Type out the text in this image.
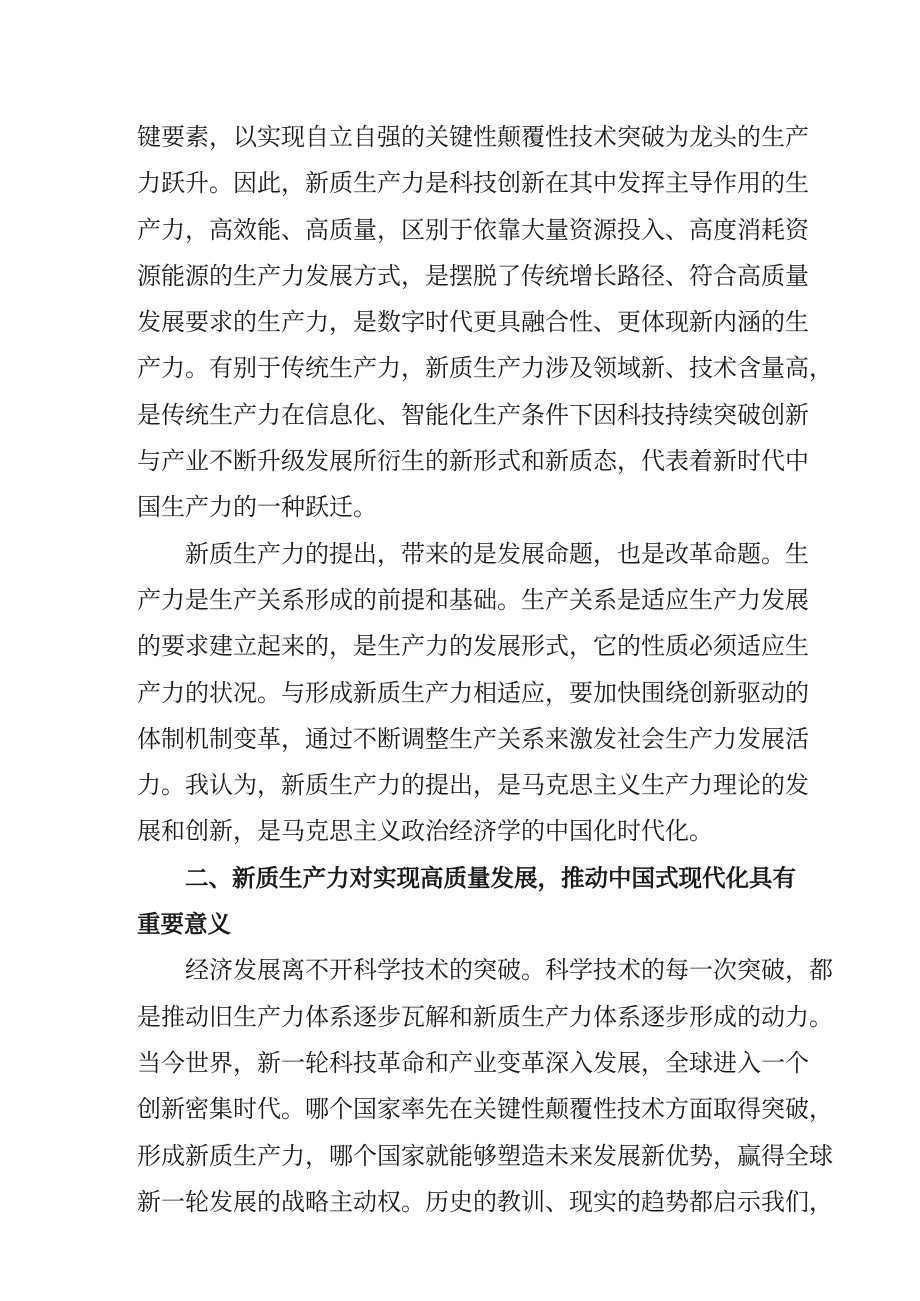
键要素，以实现自立自强的关键性颠覆性技术突破为龙头的生产
力跃升。因此，新质生产力是科技创新在其中发挥主导作用的生
产力，高效能、高质量，区别于依靠大量资源投入、高度消耗资
源能源的生产力发展方式，是摆脱了传统增长路径、符合高质量
发展要求的生产力，是数字时代更具融合性、更体现新内涵的生
产力。有别于传统生产力，新质生产力涉及领域新、技术含量高，
是传统生产力在信息化、智能化生产条件下因科技持续突破创新
与产业不断升级发展所衍生的新形式和新质态，代表着新时代中
国生产力的一种跃迁。
新质生产力的提出，带来的是发展命题，也是改革命题。生
产力是生产关系形成的前提和基础。生产关系是适应生产力发展
的要求建立起来的，是生产力的发展形式，它的性质必须适应生
产力的状况。与形成新质生产力相适应，要加快围绕创新驱动的
体制机制变革，通过不断调整生产关系来激发社会生产力发展活
力。我认为，新质生产力的提出，是马克思主义生产力理论的发
展和创新，是马克思主义政治经济学的中国化时代化。
二、新质生产力对实现高质量发展，推动中国式现代化具有
重要意义
经济发展离不开科学技术的突破。科学技术的每一次突破，都
是推动旧生产力体系逐步瓦解和新质生产力体系逐步形成的动力。
当今世界，新一轮科技革命和产业变革深入发展，全球进入一个
创新密集时代。哪个国家率先在关键性颠覆性技术方面取得突破，
形成新质生产力，哪个国家就能够塑造未来发展新优势，赢得全球
新一轮发展的战略主动权。历史的教训、现实的趋势都启示我们，
